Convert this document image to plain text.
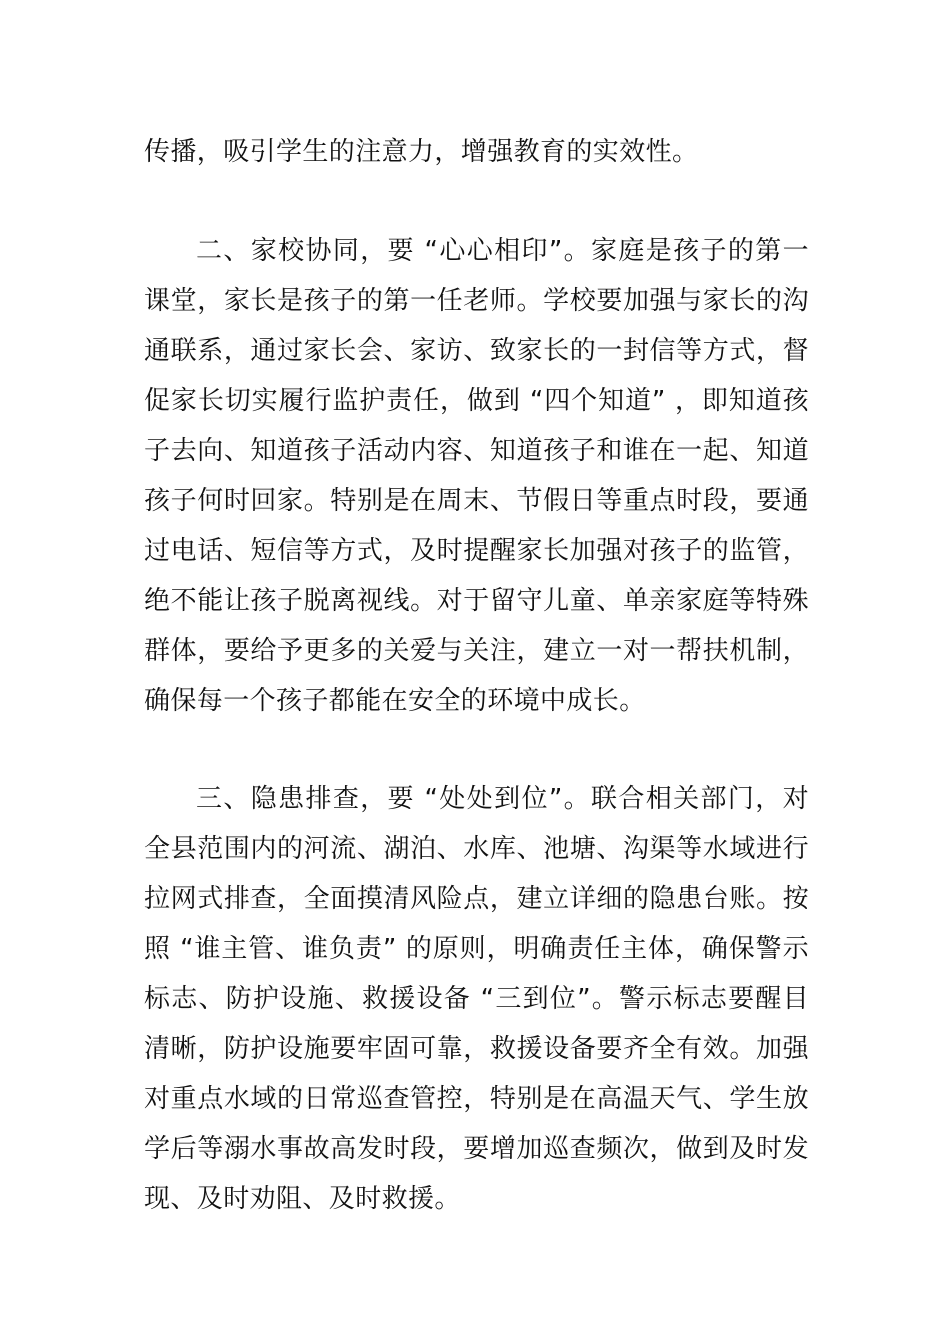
传播，吸引学生的注意力，增强教育的实效性。
二、家校协同，要 “心心相印”。家庭是孩子的第一
课堂，家长是孩子的第一任老师。学校要加强与家长的沟
通联系，通过家长会、家访、致家长的一封信等方式，督
促家长切实履行监护责任，做到 “四个知道” ，即知道孩
子去向、知道孩子活动内容、知道孩子和谁在一起、知道
孩子何时回家。特别是在周末、节假日等重点时段，要通
过电话、短信等方式，及时提醒家长加强对孩子的监管，
绝不能让孩子脱离视线。对于留守儿童、单亲家庭等特殊
群体，要给予更多的关爱与关注，建立一对一帮扶机制，
确保每一个孩子都能在安全的环境中成长。
三、隐患排查，要 “处处到位”。联合相关部门，对
全县范围内的河流、湖泊、水库、池塘、沟渠等水域进行
拉网式排查，全面摸清风险点，建立详细的隐患台账。按
照 “谁主管、谁负责” 的原则，明确责任主体，确保警示
标志、防护设施、救援设备 “三到位”。警示标志要醒目
清晰，防护设施要牢固可靠，救援设备要齐全有效。加强
对重点水域的日常巡查管控，特别是在高温天气、学生放
学后等溺水事故高发时段，要增加巡查频次，做到及时发
现、及时劝阻、及时救援。
